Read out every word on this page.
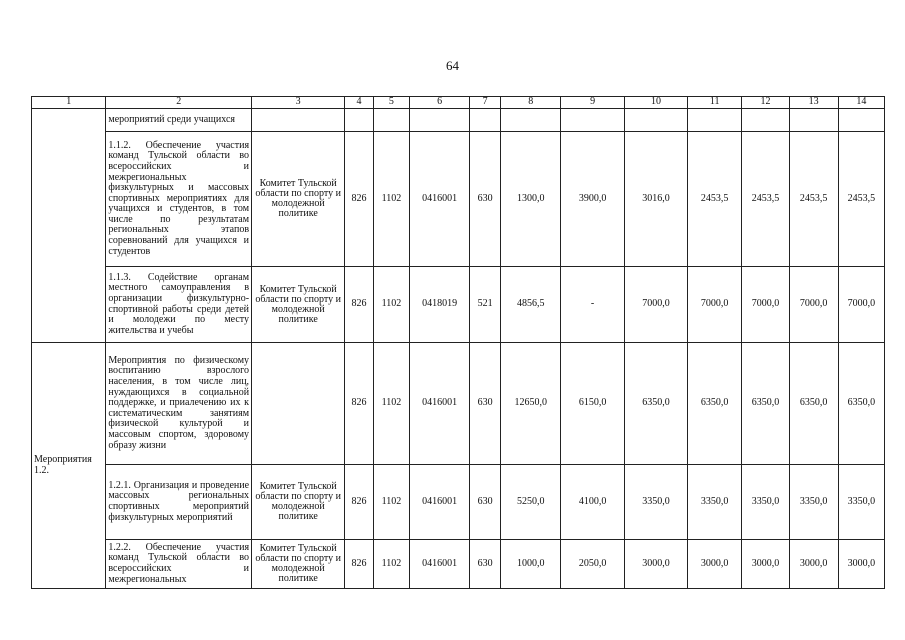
64
1	2	3	4	5	6	7	8	9	10	11	12	13	14
	мероприятий среди учащихся												
	1.1.2. Обеспечение участия команд Тульской области во всероссийских и межрегиональных физкультурных и массовых спортивных мероприятиях для учащихся и студентов, в том числе по результатам региональных этапов соревнований для учащихся и студентов	Комитет Тульской области по спорту и молодежной политике	826	1102	0416001	630	1300,0	3900,0	3016,0	2453,5	2453,5	2453,5	2453,5
	1.1.3. Содействие органам местного самоуправления в организации физкультурно-спортивной работы среди детей и молодежи по месту жительства и учебы	Комитет Тульской области по спорту и молодежной политике	826	1102	0418019	521	4856,5	-	7000,0	7000,0	7000,0	7000,0	7000,0
Мероприятия 1.2.	Мероприятия по физическому воспитанию взрослого населения, в том числе лиц, нуждающихся в социальной поддержке, и приалечению их к систематическим занятиям физической культурой и массовым спортом, здоровому образу жизни		826	1102	0416001	630	12650,0	6150,0	6350,0	6350,0	6350,0	6350,0	6350,0
	1.2.1. Организация и проведение массовых региональных спортивных мероприятий физкультурных мероприятий	Комитет Тульской области по спорту и молодежной политике	826	1102	0416001	630	5250,0	4100,0	3350,0	3350,0	3350,0	3350,0	3350,0
	1.2.2. Обеспечение участия команд Тульской области во всероссийских и межрегиональных	Комитет Тульской области по спорту и молодежной политике	826	1102	0416001	630	1000,0	2050,0	3000,0	3000,0	3000,0	3000,0	3000,0
